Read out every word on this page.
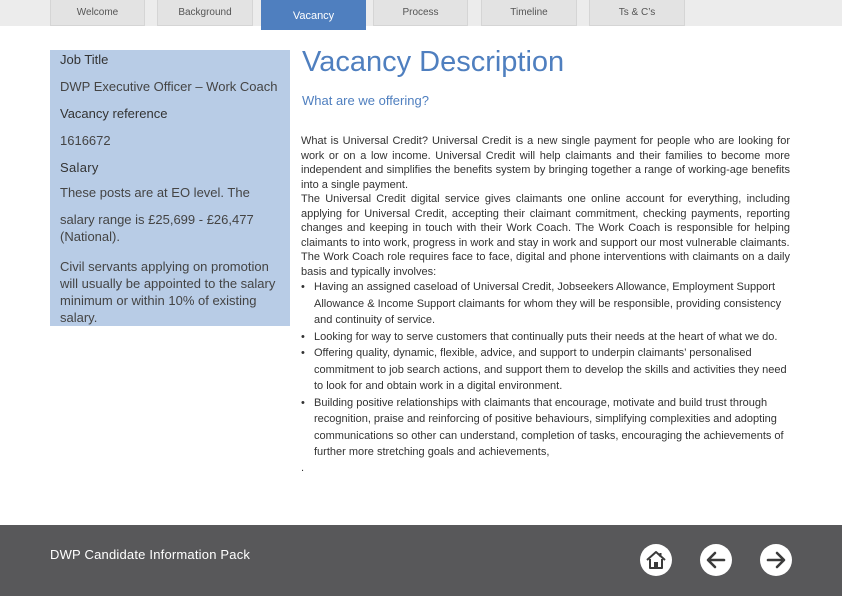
Welcome	Background	Vacancy	Process	Timeline	Ts & C’s
Job Title
DWP Executive Officer – Work Coach
Vacancy reference
1616672
Salary
These posts are at EO level. The
salary range is £25,699 - £26,477 (National).
Civil servants applying on promotion will usually be appointed to the salary minimum or within 10% of existing salary.
Vacancy Description
What are we offering?

What is Universal Credit? Universal Credit is a new single payment for people who are looking for work or on a low income. Universal Credit will help claimants and their families to become more independent and simplifies the benefits system by bringing together a range of working-age benefits into a single payment.

The Universal Credit digital service gives claimants one online account for everything, including applying for Universal Credit, accepting their claimant commitment, checking payments, reporting changes and keeping in touch with their Work Coach. The Work Coach is responsible for helping claimants to into work, progress in work and stay in work and support our most vulnerable claimants.

The Work Coach role requires face to face, digital and phone interventions with claimants on a daily basis and typically involves:

• Having an assigned caseload of Universal Credit, Jobseekers Allowance, Employment Support Allowance & Income Support claimants for whom they will be responsible, providing consistency and continuity of service.
• Looking for way to serve customers that continually puts their needs at the heart of what we do.
• Offering quality, dynamic, flexible, advice, and support to underpin claimants’ personalised commitment to job search actions, and support them to develop the skills and activities they need to look for and obtain work in a digital environment.
• Building positive relationships with claimants that encourage, motivate and build trust through recognition, praise and reinforcing of positive behaviours, simplifying complexities and adopting communications so other can understand, completion of tasks, encouraging the achievements of further more stretching goals and achievements,
.
DWP Candidate Information Pack
